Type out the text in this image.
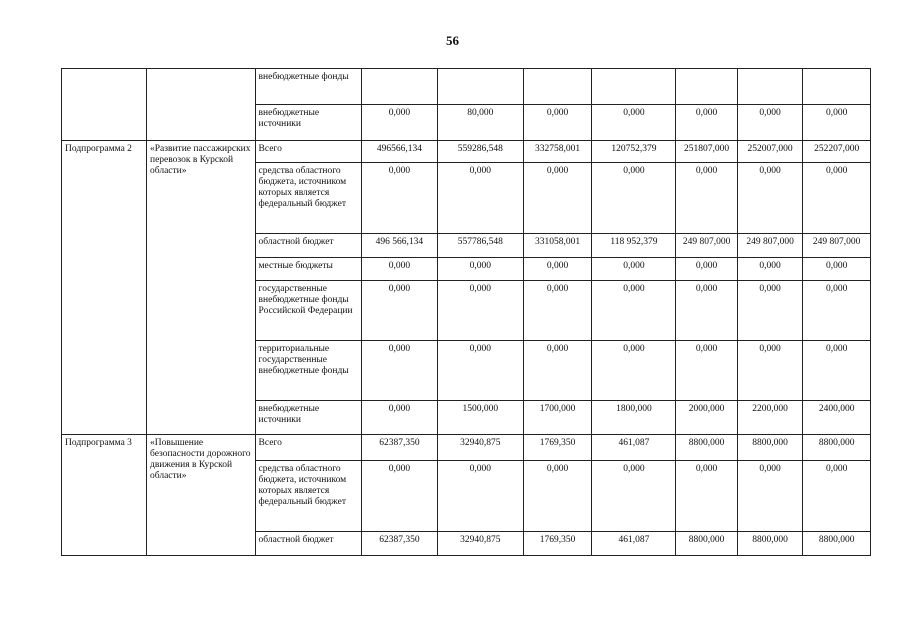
56
		внебюджетные фонды							
		внебюджетные источники	0,000	80,000	0,000	0,000	0,000	0,000	0,000
Подпрограмма 2	«Развитие пассажирских перевозок в Курской области»	Всего	496566,134	559286,548	332758,001	120752,379	251807,000	252007,000	252207,000
		средства областного бюджета, источником которых является федеральный бюджет	0,000	0,000	0,000	0,000	0,000	0,000	0,000
		областной бюджет	496 566,134	557786,548	331058,001	118 952,379	249 807,000	249 807,000	249 807,000
		местные бюджеты	0,000	0,000	0,000	0,000	0,000	0,000	0,000
		государственные внебюджетные фонды Российской Федерации	0,000	0,000	0,000	0,000	0,000	0,000	0,000
		территориальные государственные внебюджетные фонды	0,000	0,000	0,000	0,000	0,000	0,000	0,000
		внебюджетные источники	0,000	1500,000	1700,000	1800,000	2000,000	2200,000	2400,000
Подпрограмма 3	«Повышение безопасности дорожного движения в Курской области»	Всего	62387,350	32940,875	1769,350	461,087	8800,000	8800,000	8800,000
		средства областного бюджета, источником которых является федеральный бюджет	0,000	0,000	0,000	0,000	0,000	0,000	0,000
		областной бюджет	62387,350	32940,875	1769,350	461,087	8800,000	8800,000	8800,000
